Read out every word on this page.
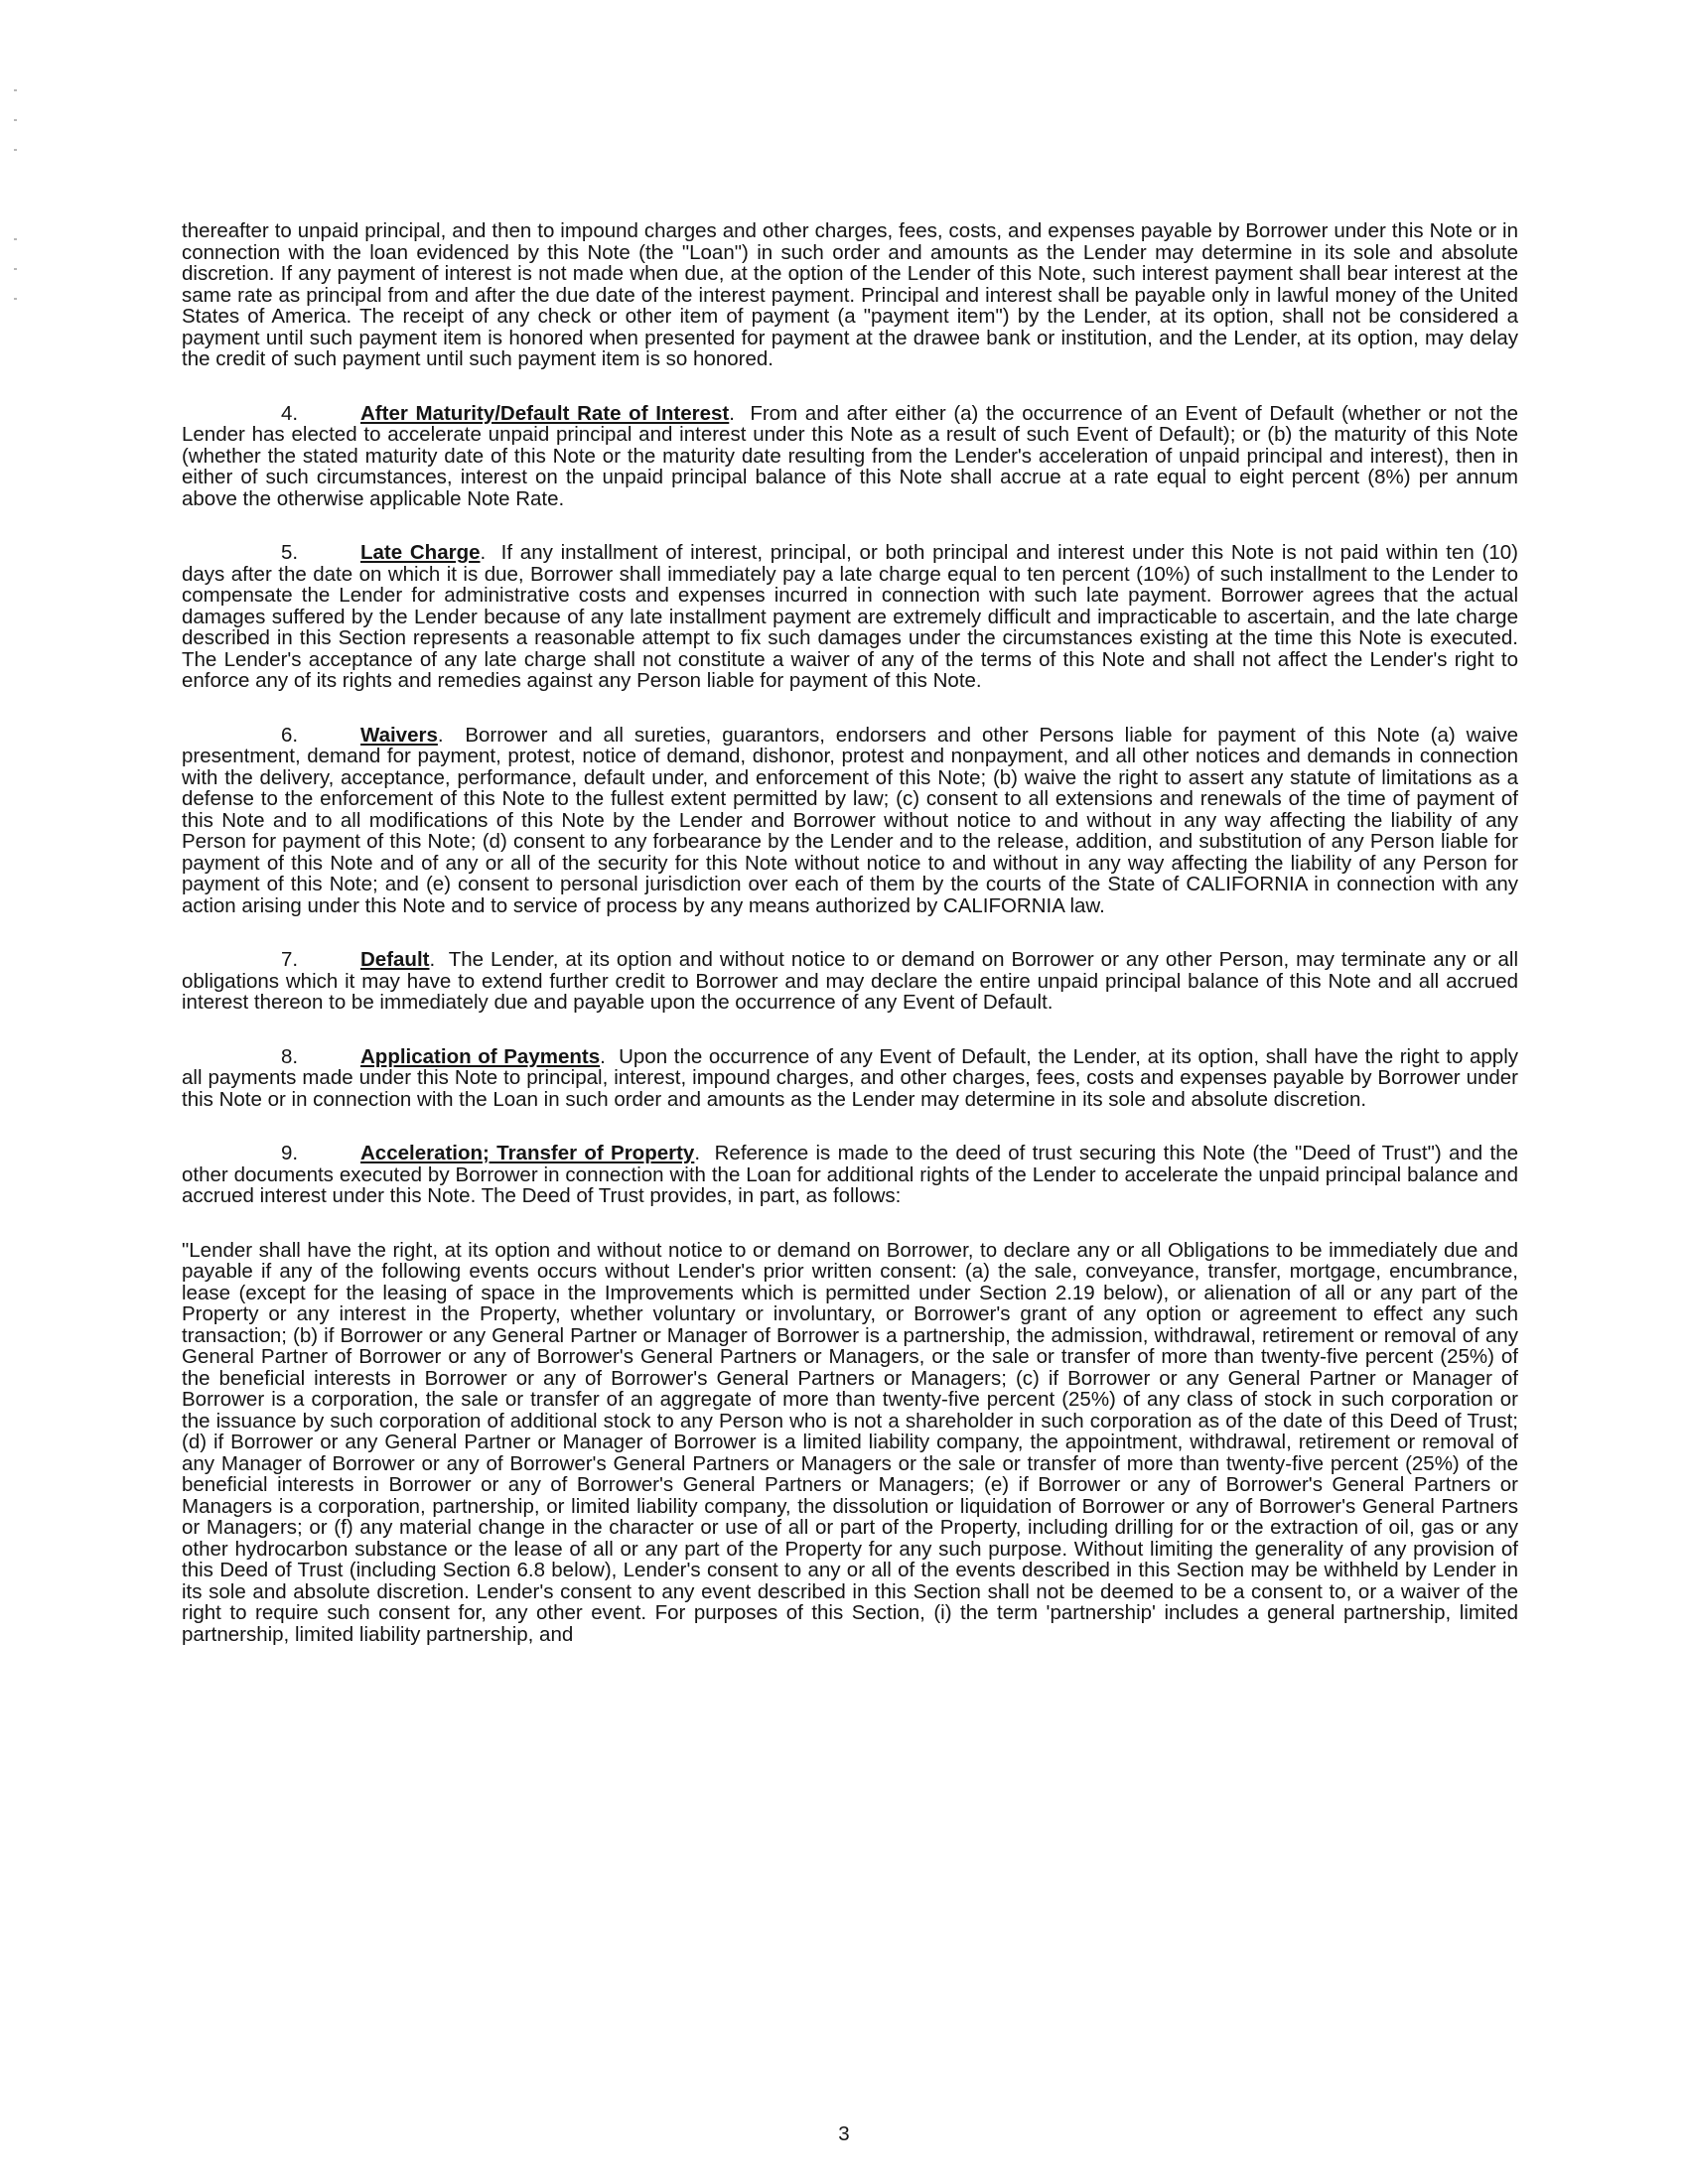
thereafter to unpaid principal, and then to impound charges and other charges, fees, costs, and expenses payable by Borrower under this Note or in connection with the loan evidenced by this Note (the "Loan") in such order and amounts as the Lender may determine in its sole and absolute discretion. If any payment of interest is not made when due, at the option of the Lender of this Note, such interest payment shall bear interest at the same rate as principal from and after the due date of the interest payment. Principal and interest shall be payable only in lawful money of the United States of America. The receipt of any check or other item of payment (a "payment item") by the Lender, at its option, shall not be considered a payment until such payment item is honored when presented for payment at the drawee bank or institution, and the Lender, at its option, may delay the credit of such payment until such payment item is so honored.

4.	After Maturity/Default Rate of Interest.  From and after either (a) the occurrence of an Event of Default (whether or not the Lender has elected to accelerate unpaid principal and interest under this Note as a result of such Event of Default); or (b) the maturity of this Note (whether the stated maturity date of this Note or the maturity date resulting from the Lender's acceleration of unpaid principal and interest), then in either of such circumstances, interest on the unpaid principal balance of this Note shall accrue at a rate equal to eight percent (8%) per annum above the otherwise applicable Note Rate.

5.	Late Charge.  If any installment of interest, principal, or both principal and interest under this Note is not paid within ten (10) days after the date on which it is due, Borrower shall immediately pay a late charge equal to ten percent (10%) of such installment to the Lender to compensate the Lender for administrative costs and expenses incurred in connection with such late payment. Borrower agrees that the actual damages suffered by the Lender because of any late installment payment are extremely difficult and impracticable to ascertain, and the late charge described in this Section represents a reasonable attempt to fix such damages under the circumstances existing at the time this Note is executed. The Lender's acceptance of any late charge shall not constitute a waiver of any of the terms of this Note and shall not affect the Lender's right to enforce any of its rights and remedies against any Person liable for payment of this Note.

6.	Waivers.  Borrower and all sureties, guarantors, endorsers and other Persons liable for payment of this Note (a) waive presentment, demand for payment, protest, notice of demand, dishonor, protest and nonpayment, and all other notices and demands in connection with the delivery, acceptance, performance, default under, and enforcement of this Note; (b) waive the right to assert any statute of limitations as a defense to the enforcement of this Note to the fullest extent permitted by law; (c) consent to all extensions and renewals of the time of payment of this Note and to all modifications of this Note by the Lender and Borrower without notice to and without in any way affecting the liability of any Person for payment of this Note; (d) consent to any forbearance by the Lender and to the release, addition, and substitution of any Person liable for payment of this Note and of any or all of the security for this Note without notice to and without in any way affecting the liability of any Person for payment of this Note; and (e) consent to personal jurisdiction over each of them by the courts of the State of CALIFORNIA in connection with any action arising under this Note and to service of process by any means authorized by CALIFORNIA law.

7.	Default.  The Lender, at its option and without notice to or demand on Borrower or any other Person, may terminate any or all obligations which it may have to extend further credit to Borrower and may declare the entire unpaid principal balance of this Note and all accrued interest thereon to be immediately due and payable upon the occurrence of any Event of Default.

8.	Application of Payments.  Upon the occurrence of any Event of Default, the Lender, at its option, shall have the right to apply all payments made under this Note to principal, interest, impound charges, and other charges, fees, costs and expenses payable by Borrower under this Note or in connection with the Loan in such order and amounts as the Lender may determine in its sole and absolute discretion.

9.	Acceleration; Transfer of Property.  Reference is made to the deed of trust securing this Note (the "Deed of Trust") and the other documents executed by Borrower in connection with the Loan for additional rights of the Lender to accelerate the unpaid principal balance and accrued interest under this Note. The Deed of Trust provides, in part, as follows:

"Lender shall have the right, at its option and without notice to or demand on Borrower, to declare any or all Obligations to be immediately due and payable if any of the following events occurs without Lender's prior written consent: (a) the sale, conveyance, transfer, mortgage, encumbrance, lease (except for the leasing of space in the Improvements which is permitted under Section 2.19 below), or alienation of all or any part of the Property or any interest in the Property, whether voluntary or involuntary, or Borrower's grant of any option or agreement to effect any such transaction; (b) if Borrower or any General Partner or Manager of Borrower is a partnership, the admission, withdrawal, retirement or removal of any General Partner of Borrower or any of Borrower's General Partners or Managers, or the sale or transfer of more than twenty-five percent (25%) of the beneficial interests in Borrower or any of Borrower's General Partners or Managers; (c) if Borrower or any General Partner or Manager of Borrower is a corporation, the sale or transfer of an aggregate of more than twenty-five percent (25%) of any class of stock in such corporation or the issuance by such corporation of additional stock to any Person who is not a shareholder in such corporation as of the date of this Deed of Trust; (d) if Borrower or any General Partner or Manager of Borrower is a limited liability company, the appointment, withdrawal, retirement or removal of any Manager of Borrower or any of Borrower's General Partners or Managers or the sale or transfer of more than twenty-five percent (25%) of the beneficial interests in Borrower or any of Borrower's General Partners or Managers; (e) if Borrower or any of Borrower's General Partners or Managers is a corporation, partnership, or limited liability company, the dissolution or liquidation of Borrower or any of Borrower's General Partners or Managers; or (f) any material change in the character or use of all or part of the Property, including drilling for or the extraction of oil, gas or any other hydrocarbon substance or the lease of all or any part of the Property for any such purpose. Without limiting the generality of any provision of this Deed of Trust (including Section 6.8 below), Lender's consent to any or all of the events described in this Section may be withheld by Lender in its sole and absolute discretion. Lender's consent to any event described in this Section shall not be deemed to be a consent to, or a waiver of the right to require such consent for, any other event. For purposes of this Section, (i) the term 'partnership' includes a general partnership, limited partnership, limited liability partnership, and

3
